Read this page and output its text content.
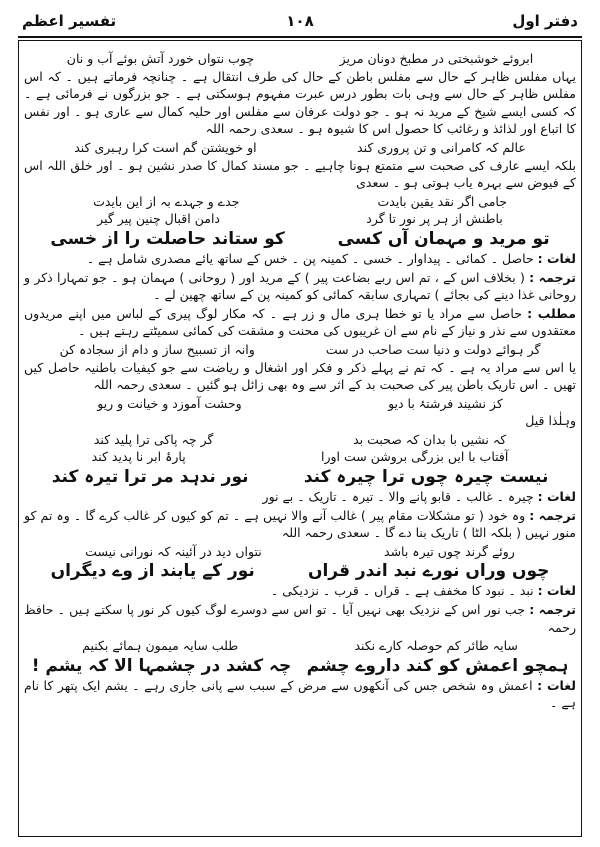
دفتر اول
۱۰۸
تفسیر اعظم
ابروئے خوشبختی در مطبخ دونان مریز
چوب نتواں خورد آتش بوئے آب و نان

یہاں مفلس ظاہر کے حال سے مفلس باطن کے حال کی طرف انتقال ہے ۔ چنانچہ فرماتے ہیں ۔ کہ اس مفلس ظاہر کے حال سے وہی بات بطور درس عبرت مفہوم ہوسکتی ہے ۔ جو بزرگوں نے فرمائی ہے ۔ کہ کسی ایسے شیخ کے مرید نہ ہو ۔ جو دولت عرفان سے مفلس اور حلیہ کمال سے عاری ہو ۔ اور نفس کا اتباع اور لذائذ و رغائب کا حصول اس کا شیوہ ہو ۔ سعدی رحمہ اللہ

عالم کہ کامرانی و تن پروری کند
او خویشتن گم است کرا رہبری کند

بلکہ ایسے عارف کی صحبت سے متمتع ہونا چاہیے ۔ جو مسند کمال کا صدر نشین ہو ۔ اور خلق اللہ اس کے فیوض سے بہرہ یاب ہوتی ہو ۔ سعدی

جامی اگر نقد یقین بایدت
جدے و جہدے بہ از این بایدت
باطنش از ہر پر نور تا گرد
دامن اقبال چنین پیر گیر
تو مرید و مہمان آں کسی
کو ستاند حاصلت را از خسی

لغات : حاصل ۔ کمائی ۔ پیداوار ۔ خسی ۔ کمینہ پن ۔ خس کے ساتھ یائے مصدری شامل ہے ۔

ترجمہ : ( بخلاف اس کے ، تم اس ربے بضاعت پیر ) کے مرید اور ( روحانی ) مہمان ہو ۔ جو تمہارا ذکر و روحانی غذا دینے کی بجائے ) تمہاری سابقہ کمائی کو کمینہ پن کے ساتھ چھین لے ۔

مطلب : حاصل سے مراد یا تو خطا ہری مال و زر ہے ۔ کہ مکار لوگ پیری کے لباس میں اپنے مریدوں معتقدوں سے نذر و نیاز کے نام سے ان غریبوں کی محنت و مشقت کی کمائی سمیٹتے رہتے ہیں ۔

گر ہوائے دولت و دنیا ست صاحب در ست
وانہ از تسبیح ساز و دام از سجادہ کن

یا اس سے مراد یہ ہے ۔ کہ تم نے پہلے ذکر و فکر اور اشغال و ریاضت سے جو کیفیات باطنیہ حاصل کیں تھیں ۔ اس تاریک باطن پیر کی صحبت بد کے اثر سے وہ بھی زائل ہو گئیں ۔ سعدی رحمہ اللہ

کز نشیند فرشتۂ با دیو
وحشت آموزد و خیانت و ریو

وہلٰذا قیل

کہ نشیں با بدان کہ صحبت بد
گر چہ پاکی ترا پلید کند
آفتاب با ایں بزرگی بروشن ست اورا
پارۂ ابر نا پدید کند
نیست چیرہ چوں ترا چیرہ کند
نور ندہد مر ترا تیرہ کند

لغات : چیرہ ۔ غالب ۔ قابو پانے والا ۔ تیرہ ۔ تاریک ۔ بے نور

ترجمہ : وہ خود ( تو مشکلات مقام پیر ) غالب آنے والا نہیں ہے ۔ تم کو کیوں کر غالب کرے گا ۔ وہ تم کو منور نہیں ( بلکہ الٹا ) تاریک بنا دے گا ۔ سعدی رحمہ اللہ

روئے گرند چوں تیرہ باشد
نتواں دید در آئینہ کہ نورانی نیست
چوں وراں نورے نبد اندر قراں
نور کے یابند از وے دیگراں

لغات : نبد ۔ نبود کا مخفف ہے ۔ قراں ۔ قرب ۔ نزدیکی ۔

ترجمہ : جب نور اس کے نزدیک بھی نہیں آیا ۔ تو اس سے دوسرے لوگ کیوں کر نور پا سکتے ہیں ۔ حافظ رحمہ

سایہ طائر کم حوصلہ کارے نکند
طلب سایہ میمون ہمائے بکنیم
ہمچو اعمش کو کند داروے چشم
چہ کشد در چشمہا الا کہ یشم !

لغات : اعمش وہ شخص جس کی آنکھوں سے مرض کے سبب سے پانی جاری رہے ۔ یشم ایک پتھر کا نام ہے ۔
